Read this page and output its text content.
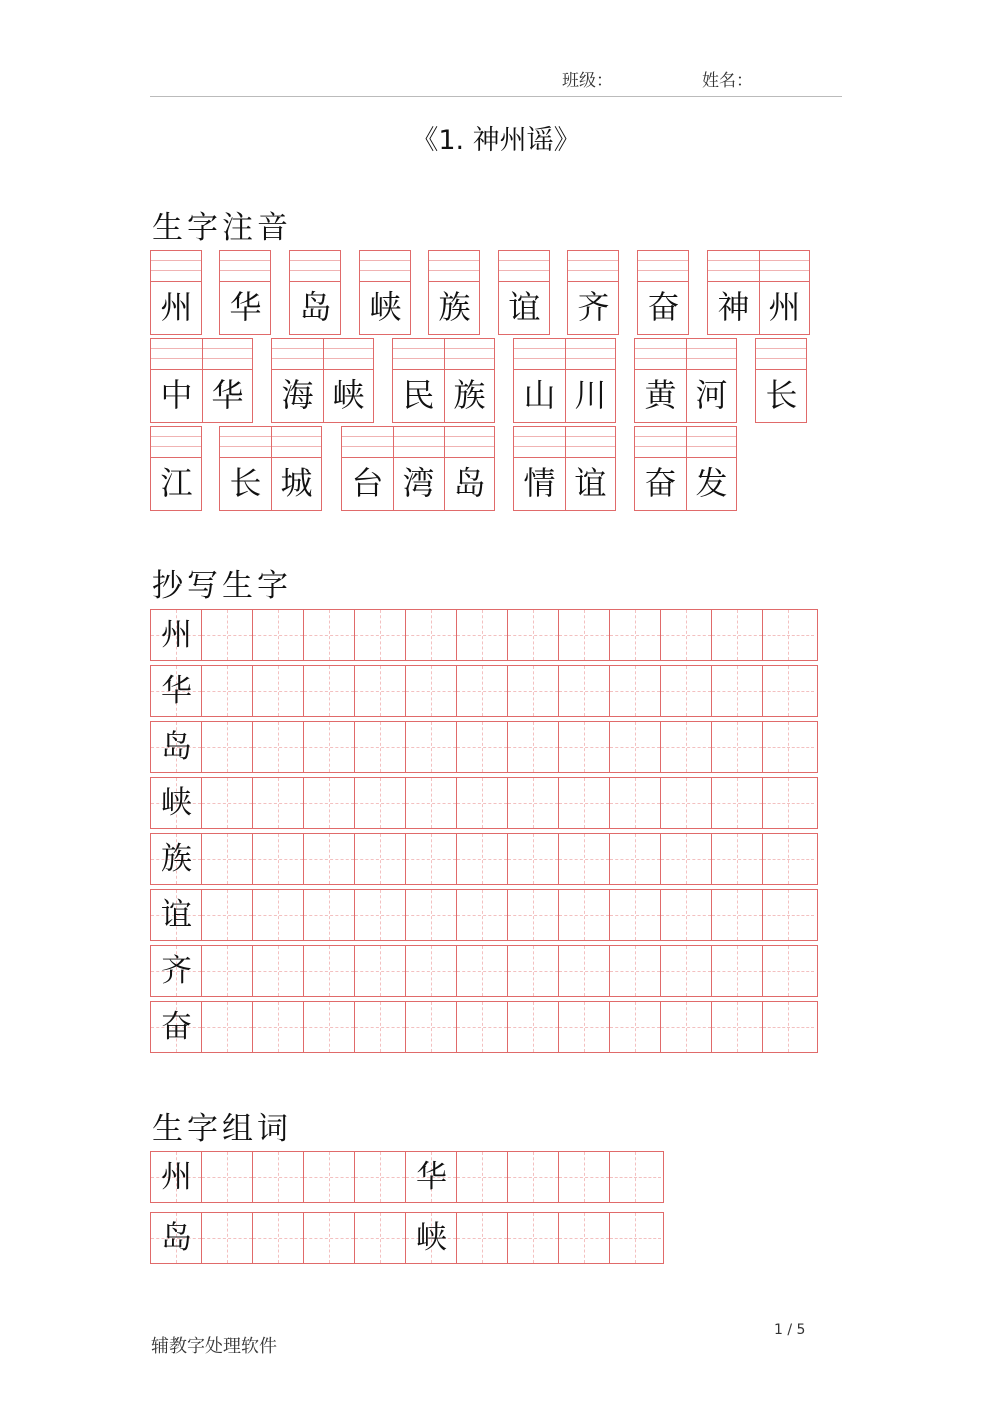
班级：	姓名：
《1. 神州谣》
生字注音
州 华 岛 峡 族 谊 齐 奋 神 州
中 华 海 峡 民 族 山 川 黄 河 长
江 长 城 台 湾 岛 情 谊 奋 发
抄写生字
州
华
岛
峡
族
谊
齐
奋
生字组词
州	华
岛	峡
辅教字处理软件
1 / 5
